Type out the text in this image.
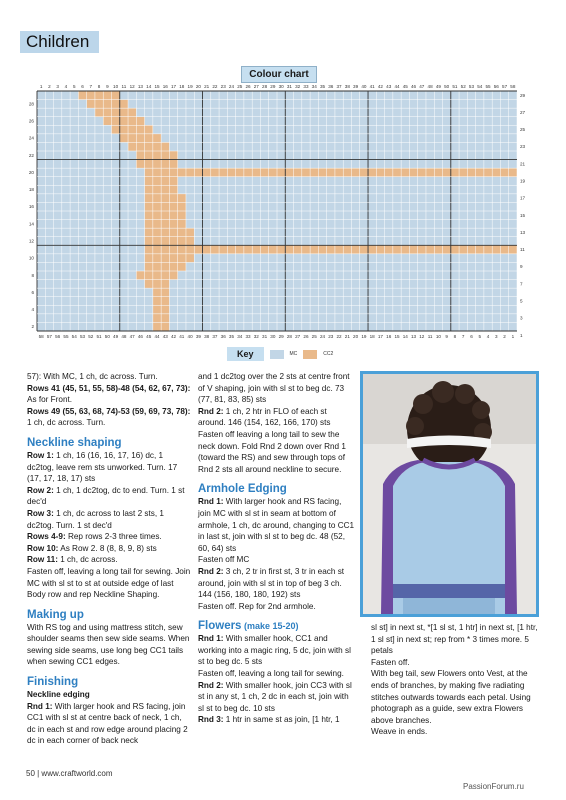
Children
Colour chart
1 2 3 4 5 6 7 8 9 10 11 12 13 14 15 16 17 18 19 20 21 22 23 24 25 26 27 28 29 30 31 32 33 34 35 36 37 38 39 40 41 42 43 44 45 46 47 48 49 50 51 52 53 54 55 56 57 58
58 57 56 55 54 53 52 51 50 49 48 47 46 45 44 43 42 41 40 39 38 37 36 35 34 33 32 31 30 29 28 27 26 25 24 23 22 21 20 19 18 17 16 15 14 13 12 11 10 9 8 7 6 5 4 3 2 1
28
26
24
22
20
18
16
14
12
10
8
6
4
2
29
27
25
23
21
19
17
15
13
11
9
7
5
3
1
Key	MC	CC2

57): With MC, 1 ch, dc across. Turn.

Rows 41 (45, 51, 55, 58)-48 (54, 62, 67, 73): As for Front.

Rows 49 (55, 63, 68, 74)-53 (59, 69, 73, 78): 1 ch, dc across. Turn.

Neckline shaping

Row 1: 1 ch, 16 (16, 16, 17, 16) dc, 1 dc2tog, leave rem sts unworked. Turn. 17 (17, 17, 18, 17) sts

Row 2: 1 ch, 1 dc2tog, dc to end. Turn. 1 st dec'd

Row 3: 1 ch, dc across to last 2 sts, 1 dc2tog. Turn. 1 st dec'd

Rows 4-9: Rep rows 2-3 three times.

Row 10: As Row 2. 8 (8, 8, 9, 8) sts

Row 11: 1 ch, dc across.

Fasten off, leaving a long tail for sewing. Join MC with sl st to st at outside edge of last Body row and rep Neckline Shaping.

Making up

With RS tog and using mattress stitch, sew shoulder seams then sew side seams. When sewing side seams, use long beg CC1 tails when sewing CC1 edges.

Finishing

Neckline edging

Rnd 1: With larger hook and RS facing, join CC1 with sl st at centre back of neck, 1 ch, dc in each st and row edge around placing 2 dc in each corner of back neck

and 1 dc2tog over the 2 sts at centre front of V shaping, join with sl st to beg dc. 73 (77, 81, 83, 85) sts

Rnd 2: 1 ch, 2 htr in FLO of each st around. 146 (154, 162, 166, 170) sts

Fasten off leaving a long tail to sew the neck down. Fold Rnd 2 down over Rnd 1 (toward the RS) and sew through tops of Rnd 2 sts all around neckline to secure.

Armhole Edging

Rnd 1: With larger hook and RS facing, join MC with sl st in seam at bottom of armhole, 1 ch, dc around, changing to CC1 in last st, join with sl st to beg dc. 48 (52, 60, 64) sts

Fasten off MC

Rnd 2: 3 ch, 2 tr in first st, 3 tr in each st around, join with sl st in top of beg 3 ch. 144 (156, 180, 180, 192) sts

Fasten off. Rep for 2nd armhole.

Flowers (make 15-20)

Rnd 1: With smaller hook, CC1 and working into a magic ring, 5 dc, join with sl st to beg dc. 5 sts

Fasten off, leaving a long tail for sewing.

Rnd 2: With smaller hook, join CC3 with sl st in any st, 1 ch, 2 dc in each st, join with sl st to beg dc. 10 sts

Rnd 3: 1 htr in same st as join, [1 htr, 1

sl st] in next st, *[1 sl st, 1 htr] in next st, [1 htr, 1 sl st] in next st; rep from * 3 times more. 5 petals

Fasten off.

With beg tail, sew Flowers onto Vest, at the ends of branches, by making five radiating stitches outwards towards each petal. Using photograph as a guide, sew extra Flowers above branches.

Weave in ends.

50 | www.craftworld.com
PassionForum.ru
